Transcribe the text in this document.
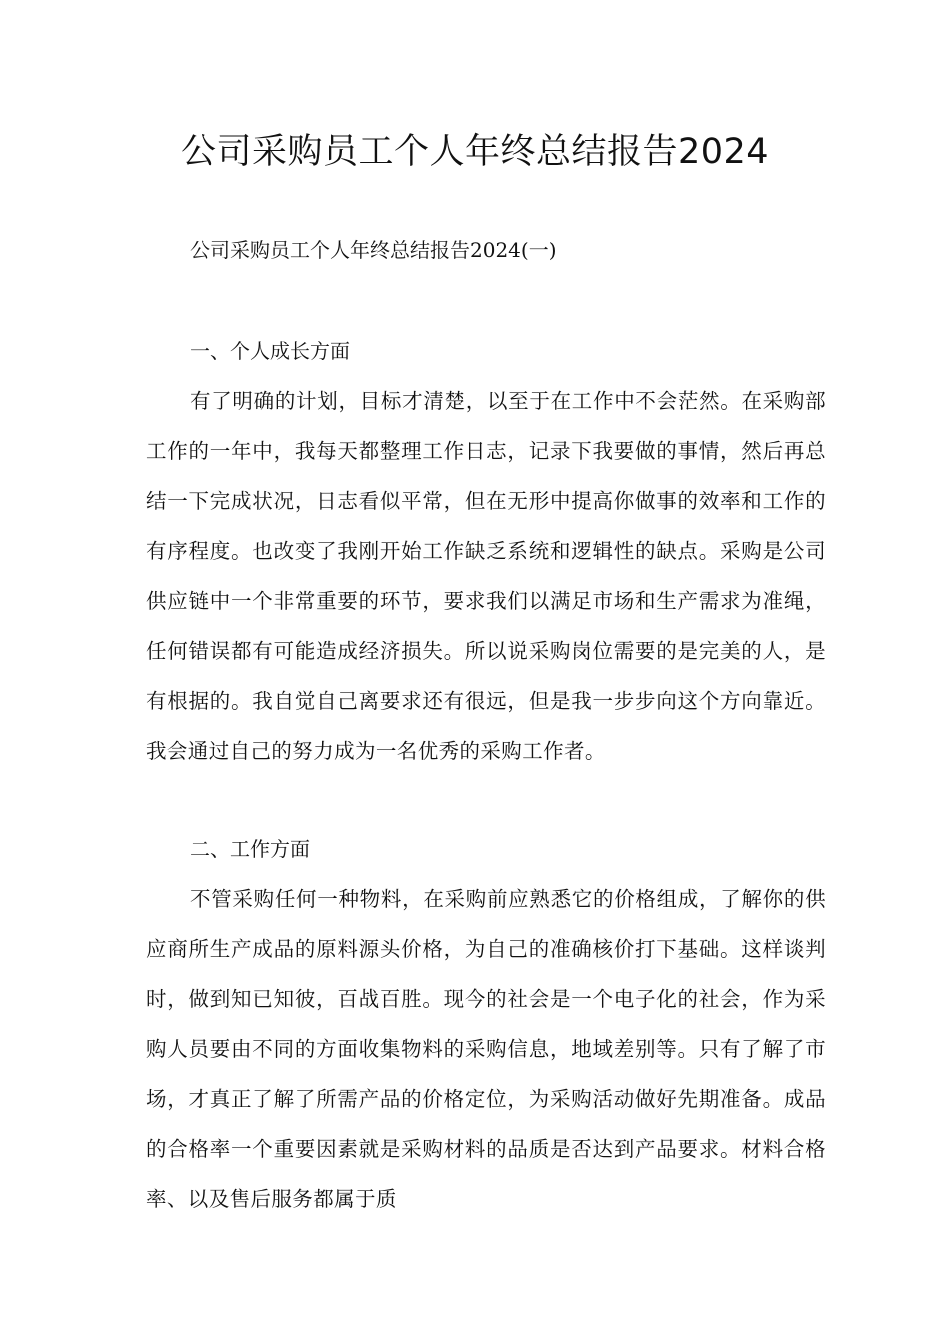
公司采购员工个人年终总结报告2024
公司采购员工个人年终总结报告2024(一)
一、个人成长方面

有了明确的计划，目标才清楚，以至于在工作中不会茫然。在采购部工作的一年中，我每天都整理工作日志，记录下我要做的事情，然后再总结一下完成状况，日志看似平常，但在无形中提高你做事的效率和工作的有序程度。也改变了我刚开始工作缺乏系统和逻辑性的缺点。采购是公司供应链中一个非常重要的环节，要求我们以满足市场和生产需求为准绳，任何错误都有可能造成经济损失。所以说采购岗位需要的是完美的人，是有根据的。我自觉自己离要求还有很远，但是我一步步向这个方向靠近。我会通过自己的努力成为一名优秀的采购工作者。

二、工作方面

不管采购任何一种物料，在采购前应熟悉它的价格组成，了解你的供应商所生产成品的原料源头价格，为自己的准确核价打下基础。这样谈判时，做到知已知彼，百战百胜。现今的社会是一个电子化的社会，作为采购人员要由不同的方面收集物料的采购信息，地域差别等。只有了解了市场，才真正了解了所需产品的价格定位，为采购活动做好先期准备。成品的合格率一个重要因素就是采购材料的品质是否达到产品要求。材料合格率、以及售后服务都属于质
